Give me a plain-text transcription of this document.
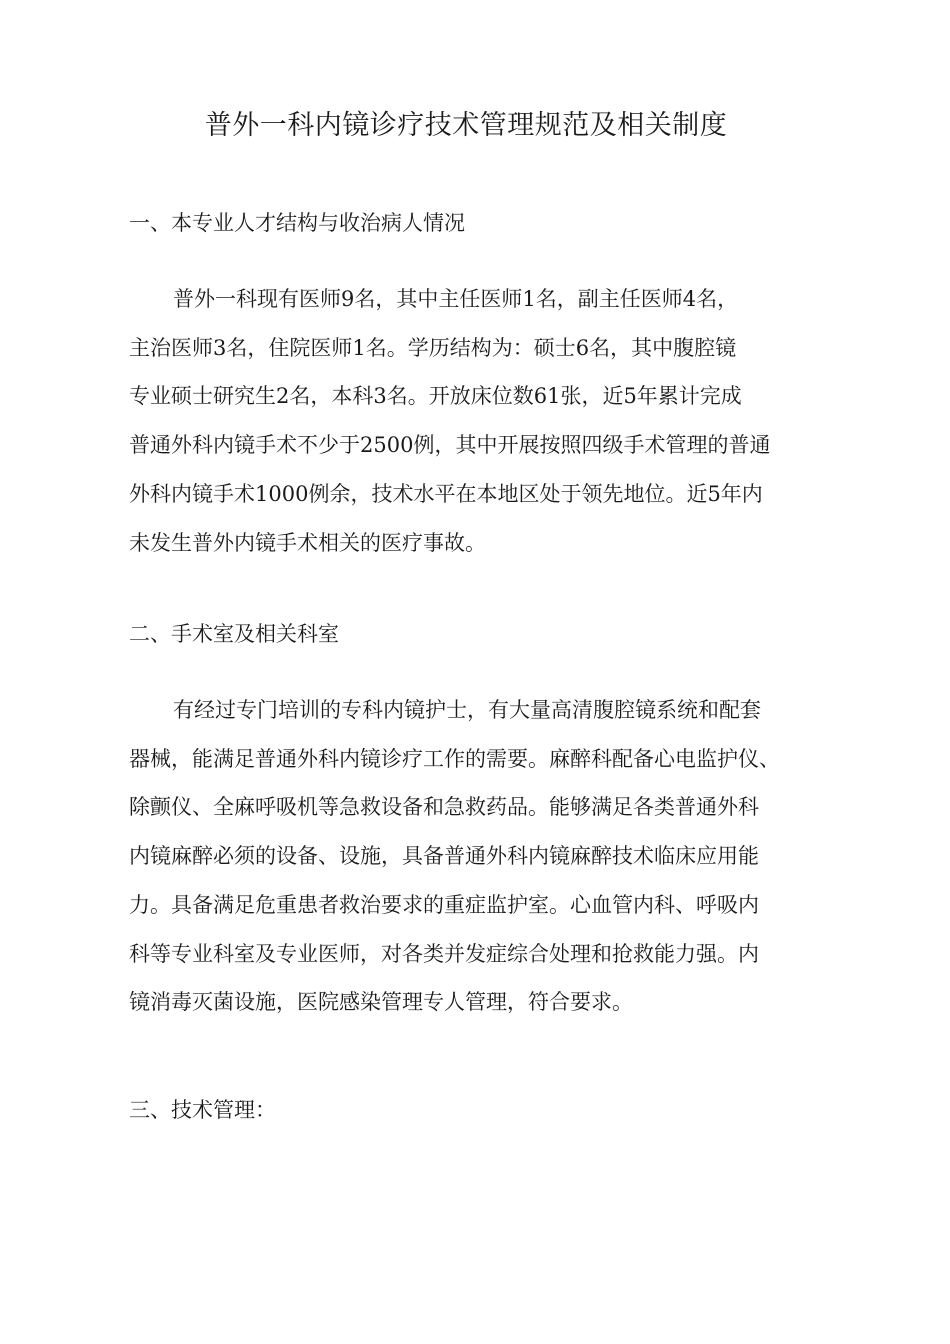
普外一科内镜诊疗技术管理规范及相关制度
一、本专业人才结构与收治病人情况
普外一科现有医师9名，其中主任医师1名，副主任医师4名，
主治医师3名，住院医师1名。学历结构为：硕士6名，其中腹腔镜
专业硕士研究生2名，本科3名。开放床位数61张，近5年累计完成
普通外科内镜手术不少于2500例，其中开展按照四级手术管理的普通
外科内镜手术1000例余，技术水平在本地区处于领先地位。近5年内
未发生普外内镜手术相关的医疗事故。
二、手术室及相关科室
有经过专门培训的专科内镜护士，有大量高清腹腔镜系统和配套
器械，能满足普通外科内镜诊疗工作的需要。麻醉科配备心电监护仪、
除颤仪、全麻呼吸机等急救设备和急救药品。能够满足各类普通外科
内镜麻醉必须的设备、设施，具备普通外科内镜麻醉技术临床应用能
力。具备满足危重患者救治要求的重症监护室。心血管内科、呼吸内
科等专业科室及专业医师，对各类并发症综合处理和抢救能力强。内
镜消毒灭菌设施，医院感染管理专人管理，符合要求。
三、技术管理：
